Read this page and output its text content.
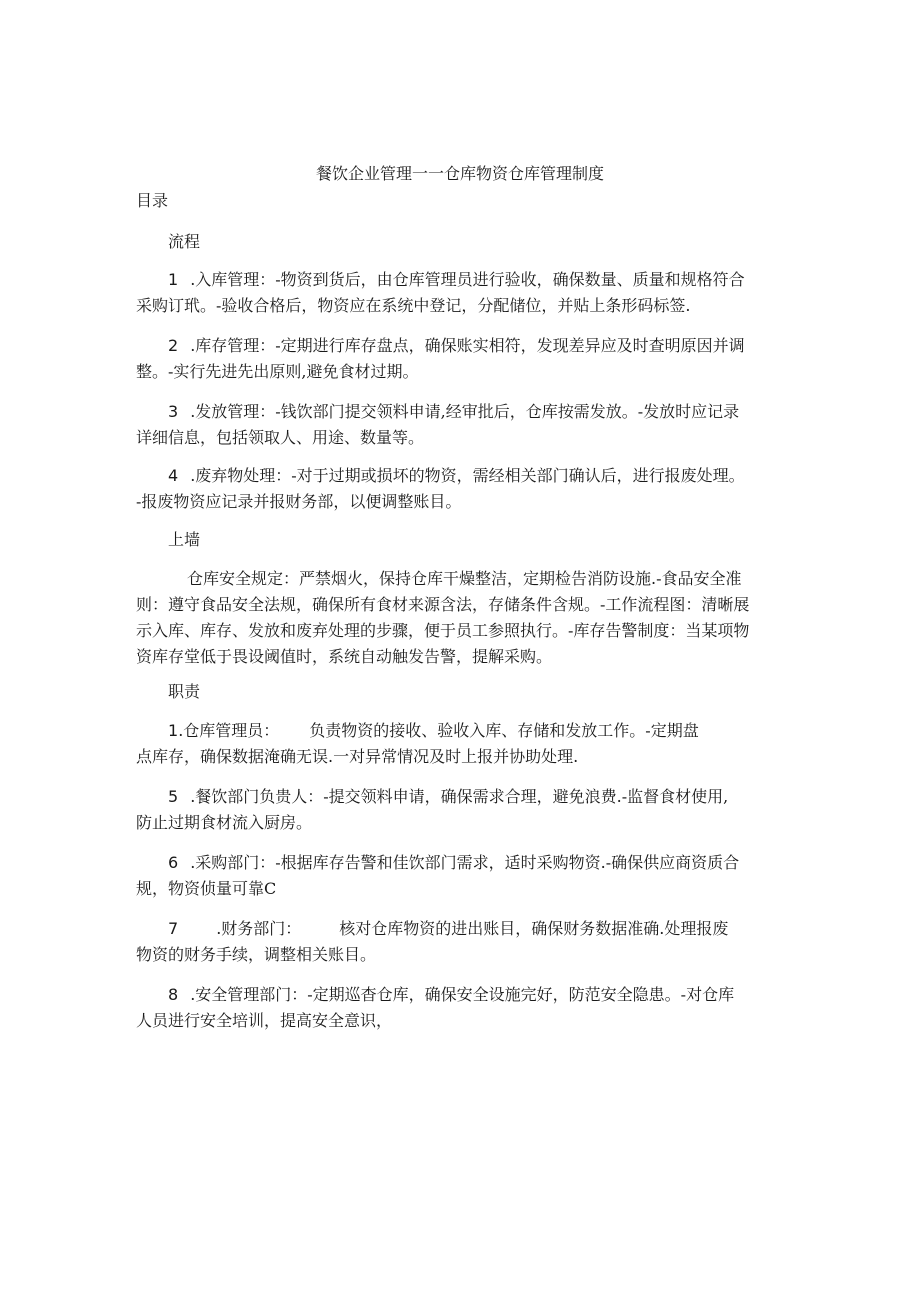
餐饮企业管理一一仓库物资仓库管理制度
目录
流程
1 .入库管理：-物资到货后，由仓库管理员进行验收，确保数量、质量和规格符合
采购订玳。-验收合格后，物资应在系统中登记，分配储位，并贴上条形码标签.
2 .库存管理：-定期进行库存盘点，确保账实相符，发现差异应及时查明原因并调
整。-实行先进先出原则,避免食材过期。
3 .发放管理：-钱饮部门提交领料申请,经审批后，仓库按需发放。-发放时应记录
详细信息，包括领取人、用途、数量等。
4 .废弃物处理：-对于过期或损坏的物资，需经相关部门确认后，进行报废处理。
-报废物资应记录并报财务部，以便调整账目。
上墙
仓库安全规定：严禁烟火，保持仓库干燥整洁，定期检告消防设施.-食品安全准
则：遵守食品安全法规，确保所有食材来源含法，存储条件含规。-工作流程图：清晰展
示入库、库存、发放和废弃处理的步骤，便于员工参照执行。-库存告警制度：当某项物
资库存堂低于畏设阈值时，系统自动触发告警，提解采购。
职责
1.仓库管理员： 负责物资的接收、验收入库、存储和发放工作。-定期盘
点库存，确保数据淹确无误.一对异常情况及时上报并协助处理.
5 .餐饮部门负贵人：-提交领料申请，确保需求合理，避免浪费.-监督食材使用,
防止过期食材流入厨房。
6 .采购部门：-根据库存告警和佳饮部门需求，适时采购物资.-确保供应商资质合
规，物资侦量可靠C
7 .财务部门： 核对仓库物资的进出账目，确保财务数据准确.处理报废
物资的财务手续，调整相关账目。
8 .安全管理部门：-定期巡杳仓库，确保安全设施完好，防范安全隐患。-对仓库
人员进行安全培训，提高安全意识，
